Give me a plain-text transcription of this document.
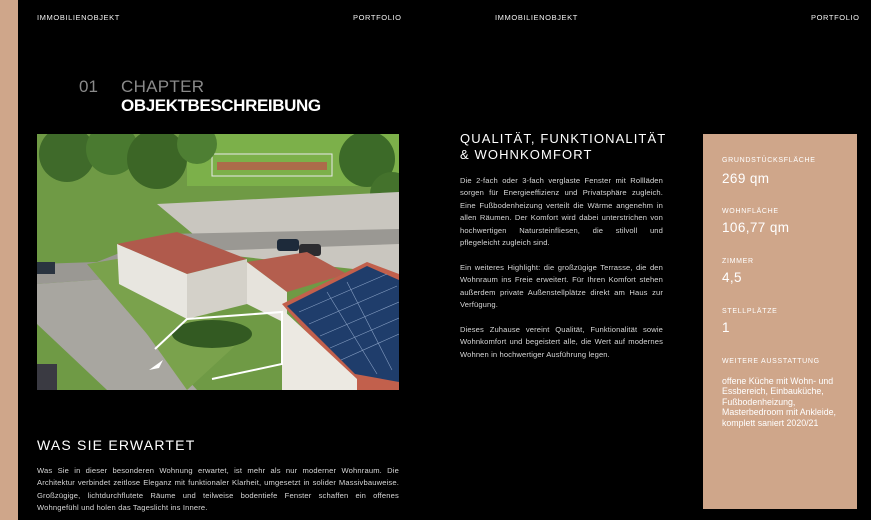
IMMOBILIENOBJEKT	PORTFOLIO	IMMOBILIENOBJEKT	PORTFOLIO
01 CHAPTER
OBJEKTBESCHREIBUNG
WAS SIE ERWARTET
Was Sie in dieser besonderen Wohnung erwartet, ist mehr als nur moderner Wohnraum. Die Architektur verbindet zeitlose Eleganz mit funktionaler Klarheit, umgesetzt in solider Massivbauweise. Großzügige, lichtdurchflutete Räume und teilweise bodentiefe Fenster schaffen ein offenes Wohngefühl und holen das Tageslicht ins Innere.
QUALITÄT, FUNKTIONALITÄT & WOHNKOMFORT

Die 2-fach oder 3-fach verglaste Fenster mit Rollläden sorgen für Energieeffizienz und Privatsphäre zugleich. Eine Fußbodenheizung verteilt die Wärme angenehm in allen Räumen. Der Komfort wird dabei unterstrichen von hochwertigen Natursteinfliesen, die stilvoll und pflegeleicht zugleich sind.

Ein weiteres Highlight: die großzügige Terrasse, die den Wohnraum ins Freie erweitert. Für Ihren Komfort stehen außerdem private Außenstellplätze direkt am Haus zur Verfügung.

Dieses Zuhause vereint Qualität, Funktionalität sowie Wohnkomfort und begeistert alle, die Wert auf modernes Wohnen in hochwertiger Ausführung legen.

GRUNDSTÜCKSFLÄCHE
269 qm
WOHNFLÄCHE
106,77 qm
ZIMMER
4,5
STELLPLÄTZE
1
WEITERE AUSSTATTUNG
offene Küche mit Wohn- und Essbereich, Einbauküche, Fußbodenheizung, Masterbedroom mit Ankleide, komplett saniert 2020/21
